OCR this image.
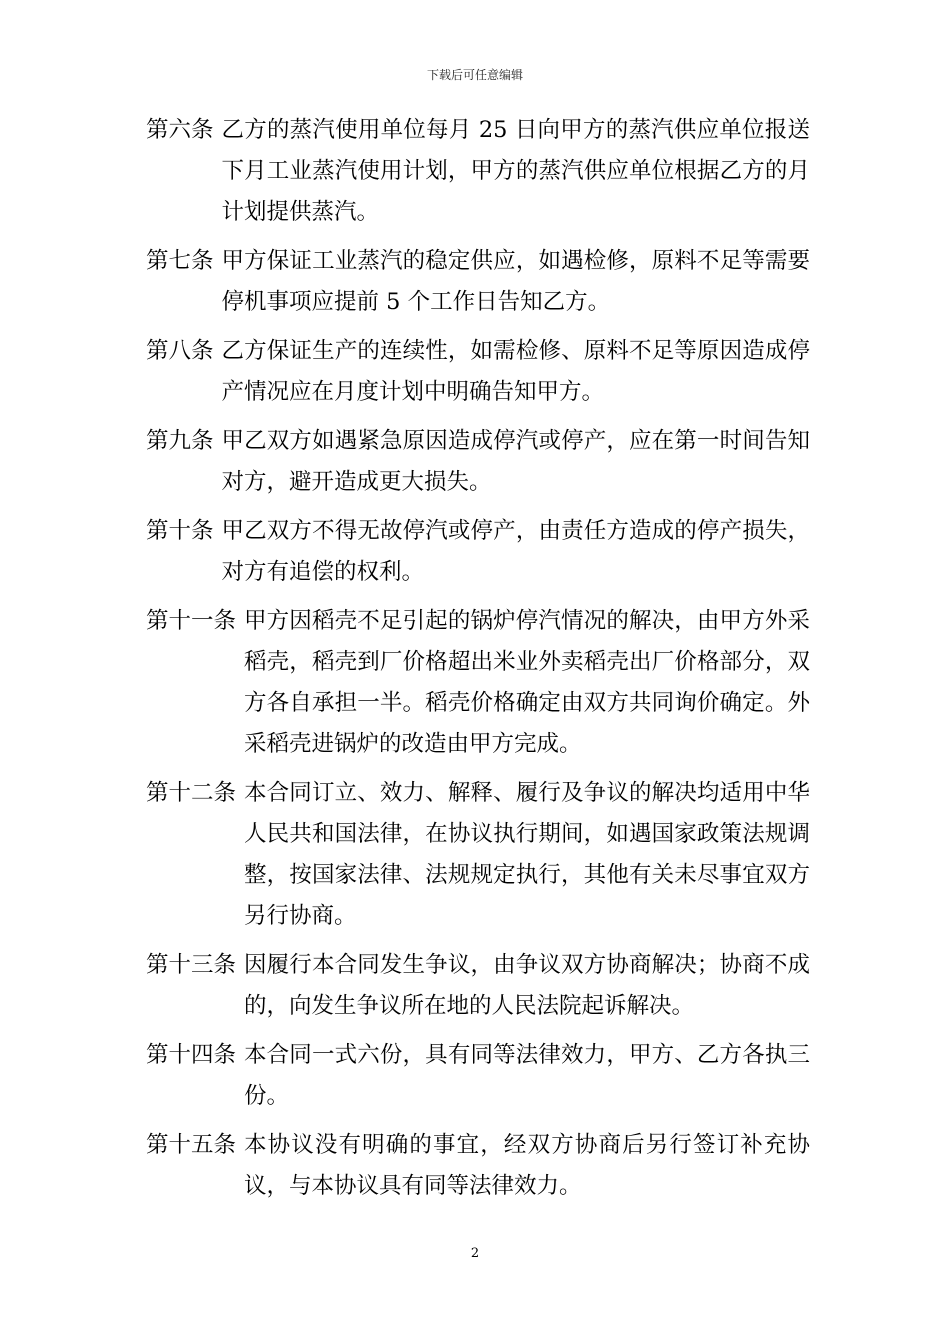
下载后可任意编辑
第六条 乙方的蒸汽使用单位每月 25 日向甲方的蒸汽供应单位报送下月工业蒸汽使用计划，甲方的蒸汽供应单位根据乙方的月计划提供蒸汽。
第七条 甲方保证工业蒸汽的稳定供应，如遇检修，原料不足等需要停机事项应提前 5 个工作日告知乙方。
第八条 乙方保证生产的连续性，如需检修、原料不足等原因造成停产情况应在月度计划中明确告知甲方。
第九条 甲乙双方如遇紧急原因造成停汽或停产，应在第一时间告知对方，避开造成更大损失。
第十条 甲乙双方不得无故停汽或停产，由责任方造成的停产损失，对方有追偿的权利。
第十一条 甲方因稻壳不足引起的锅炉停汽情况的解决，由甲方外采稻壳，稻壳到厂价格超出米业外卖稻壳出厂价格部分，双方各自承担一半。稻壳价格确定由双方共同询价确定。外采稻壳进锅炉的改造由甲方完成。
第十二条 本合同订立、效力、解释、履行及争议的解决均适用中华人民共和国法律，在协议执行期间，如遇国家政策法规调整，按国家法律、法规规定执行，其他有关未尽事宜双方另行协商。
第十三条 因履行本合同发生争议，由争议双方协商解决；协商不成的，向发生争议所在地的人民法院起诉解决。
第十四条 本合同一式六份，具有同等法律效力，甲方、乙方各执三份。
第十五条 本协议没有明确的事宜，经双方协商后另行签订补充协议，与本协议具有同等法律效力。
2
